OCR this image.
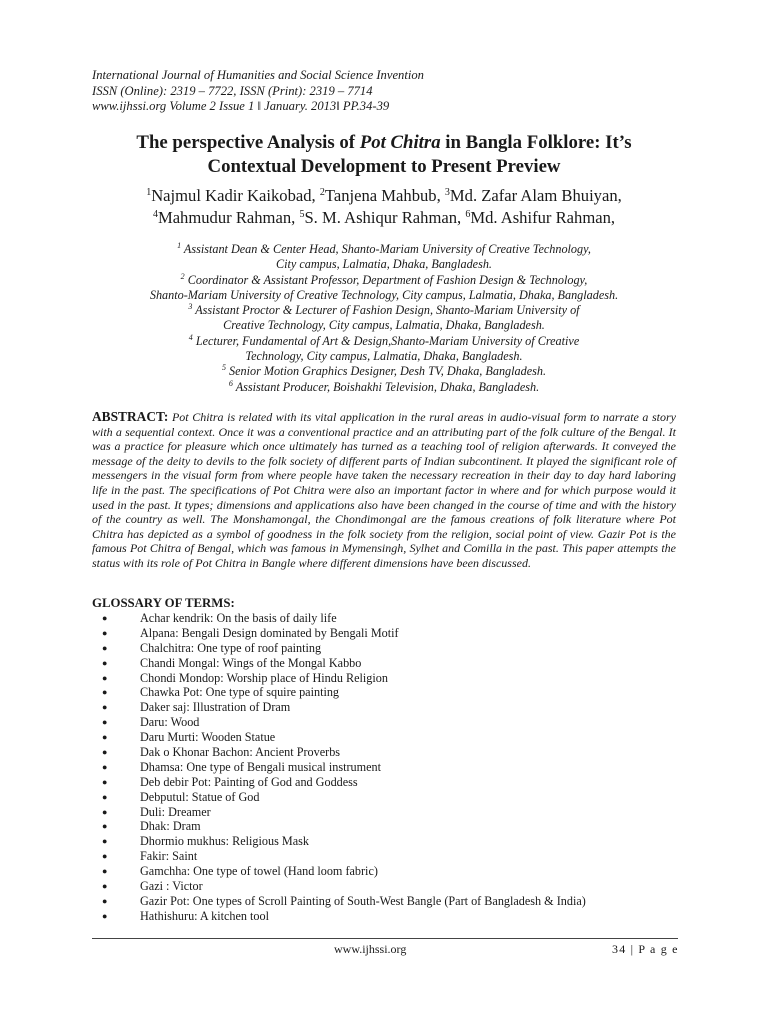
International Journal of Humanities and Social Science Invention
ISSN (Online): 2319 – 7722, ISSN (Print): 2319 – 7714
www.ijhssi.org Volume 2 Issue 1 ǁ January. 2013ǁ PP.34-39
The perspective Analysis of Pot Chitra in Bangla Folklore: It’s
Contextual Development to Present Preview
$^1$Najmul Kadir Kaikobad, $^2$Tanjena Mahbub, $^3$Md. Zafar Alam Bhuiyan,
$^4$Mahmudur Rahman, $^5$S. M. Ashiqur Rahman, $^6$Md. Ashifur Rahman,
$^1$ Assistant Dean & Center Head, Shanto-Mariam University of Creative Technology,
City campus, Lalmatia, Dhaka, Bangladesh.
$^2$ Coordinator & Assistant Professor, Department of Fashion Design & Technology,
Shanto-Mariam University of Creative Technology, City campus, Lalmatia, Dhaka, Bangladesh.
$^3$ Assistant Proctor & Lecturer of Fashion Design, Shanto-Mariam University of
Creative Technology, City campus, Lalmatia, Dhaka, Bangladesh.
$^4$ Lecturer, Fundamental of Art & Design,Shanto-Mariam University of Creative
Technology, City campus, Lalmatia, Dhaka, Bangladesh.
$^5$ Senior Motion Graphics Designer, Desh TV, Dhaka, Bangladesh.
$^6$ Assistant Producer, Boishakhi Television, Dhaka, Bangladesh.
ABSTRACT: Pot Chitra is related with its vital application in the rural areas in audio-visual form to narrate a story with a sequential context. Once it was a conventional practice and an attributing part of the folk culture of the Bengal. It was a practice for pleasure which once ultimately has turned as a teaching tool of religion afterwards. It conveyed the message of the deity to devils to the folk society of different parts of Indian subcontinent. It played the significant role of messengers in the visual form from where people have taken the necessary recreation in their day to day hard laboring life in the past. The specifications of Pot Chitra were also an important factor in where and for which purpose would it used in the past. It types; dimensions and applications also have been changed in the course of time and with the history of the country as well. The Monshamongal, the Chondimongal are the famous creations of folk literature where Pot Chitra has depicted as a symbol of goodness in the folk society from the religion, social point of view. Gazir Pot is the famous Pot Chitra of Bengal, which was famous in Mymensingh, Sylhet and Comilla in the past. This paper attempts the status with its role of Pot Chitra in Bangle where different dimensions have been discussed.
GLOSSARY OF TERMS:
●	Achar kendrik: On the basis of daily life
●	Alpana: Bengali Design dominated by Bengali Motif
●	Chalchitra: One type of roof painting
●	Chandi Mongal: Wings of the Mongal Kabbo
●	Chondi Mondop: Worship place of Hindu Religion
●	Chawka Pot: One type of squire painting
●	Daker saj: Illustration of Dram
●	Daru: Wood
●	Daru Murti: Wooden Statue
●	Dak o Khonar Bachon: Ancient Proverbs
●	Dhamsa: One type of Bengali musical instrument
●	Deb debir Pot: Painting of God and Goddess
●	Debputul: Statue of God
●	Duli: Dreamer
●	Dhak: Dram
●	Dhormio mukhus: Religious Mask
●	Fakir: Saint
●	Gamchha: One type of towel (Hand loom fabric)
●	Gazi : Victor
●	Gazir Pot: One types of Scroll Painting of South-West Bangle (Part of Bangladesh & India)
●	Hathishuru: A kitchen tool
www.ijhssi.org	34 | P a g e
